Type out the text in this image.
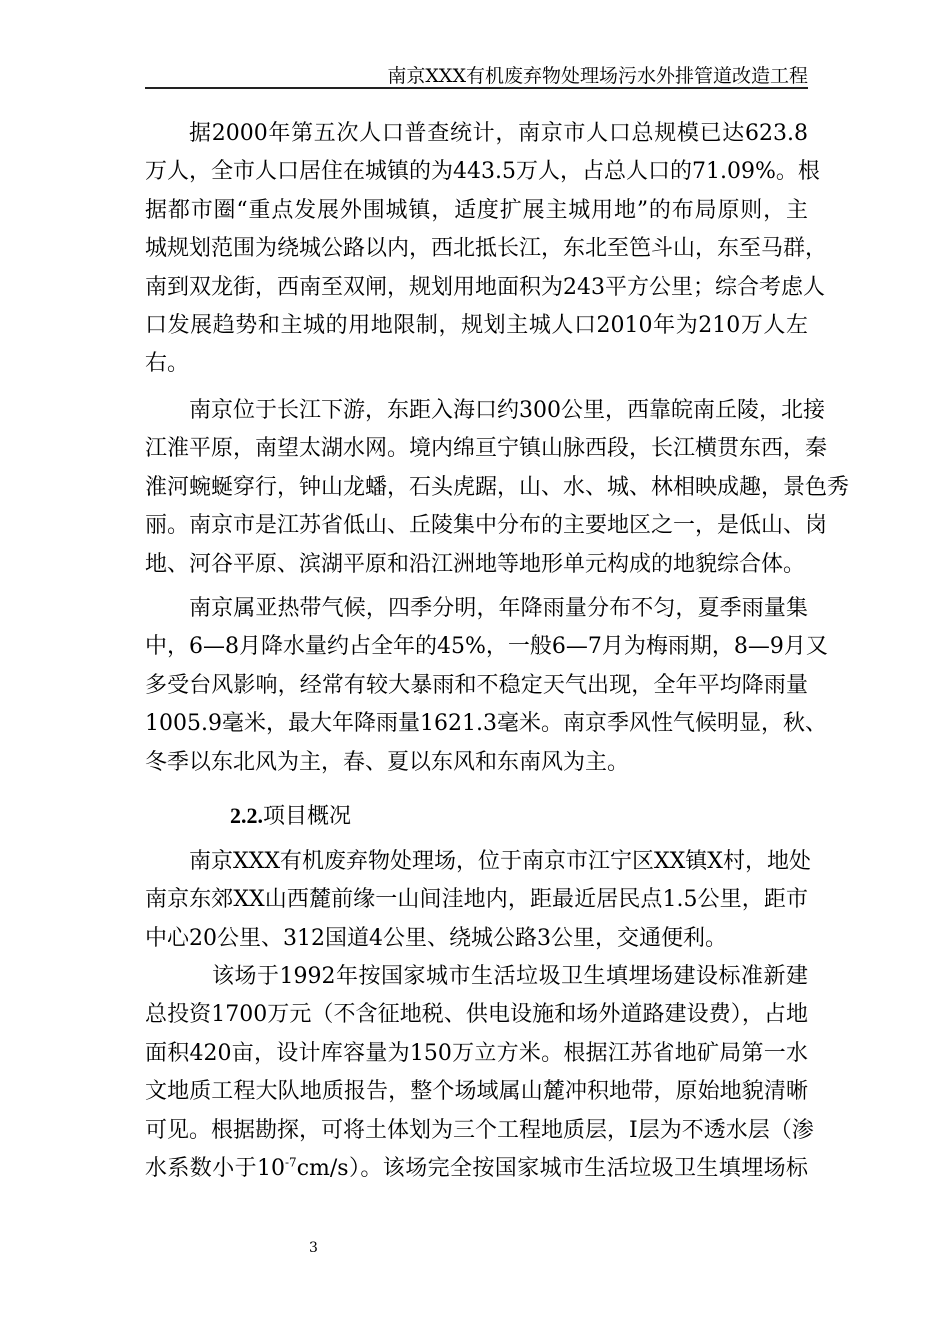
南京XXX有机废弃物处理场污水外排管道改造工程
据2000年第五次人口普查统计，南京市人口总规模已达623.8
万人，全市人口居住在城镇的为443.5万人，占总人口的71.09%。根
据都市圈“重点发展外围城镇，适度扩展主城用地”的布局原则，主
城规划范围为绕城公路以内，西北抵长江，东北至笆斗山，东至马群，
南到双龙街，西南至双闸，规划用地面积为243平方公里；综合考虑人
口发展趋势和主城的用地限制，规划主城人口2010年为210万人左
右。
南京位于长江下游，东距入海口约300公里，西靠皖南丘陵，北接
江淮平原，南望太湖水网。境内绵亘宁镇山脉西段，长江横贯东西，秦
淮河蜿蜒穿行，钟山龙蟠，石头虎踞，山、水、城、林相映成趣，景色秀
丽。南京市是江苏省低山、丘陵集中分布的主要地区之一，是低山、岗
地、河谷平原、滨湖平原和沿江洲地等地形单元构成的地貌综合体。
南京属亚热带气候，四季分明，年降雨量分布不匀，夏季雨量集
中，6—8月降水量约占全年的45%，一般6—7月为梅雨期，8—9月又
多受台风影响，经常有较大暴雨和不稳定天气出现，全年平均降雨量
1005.9毫米，最大年降雨量1621.3毫米。南京季风性气候明显，秋、
冬季以东北风为主，春、夏以东风和东南风为主。
2.2.项目概况
南京XXX有机废弃物处理场，位于南京市江宁区XX镇X村，地处
南京东郊XX山西麓前缘一山间洼地内，距最近居民点1.5公里，距市
中心20公里、312国道4公里、绕城公路3公里，交通便利。
该场于1992年按国家城市生活垃圾卫生填埋场建设标准新建
总投资1700万元（不含征地税、供电设施和场外道路建设费），占地
面积420亩，设计库容量为150万立方米。根据江苏省地矿局第一水
文地质工程大队地质报告，整个场域属山麓冲积地带，原始地貌清晰
可见。根据勘探，可将土体划为三个工程地质层，Ⅰ层为不透水层（渗
水系数小于$10^{-7}cm/s$）。该场完全按国家城市生活垃圾卫生填埋场标
3
